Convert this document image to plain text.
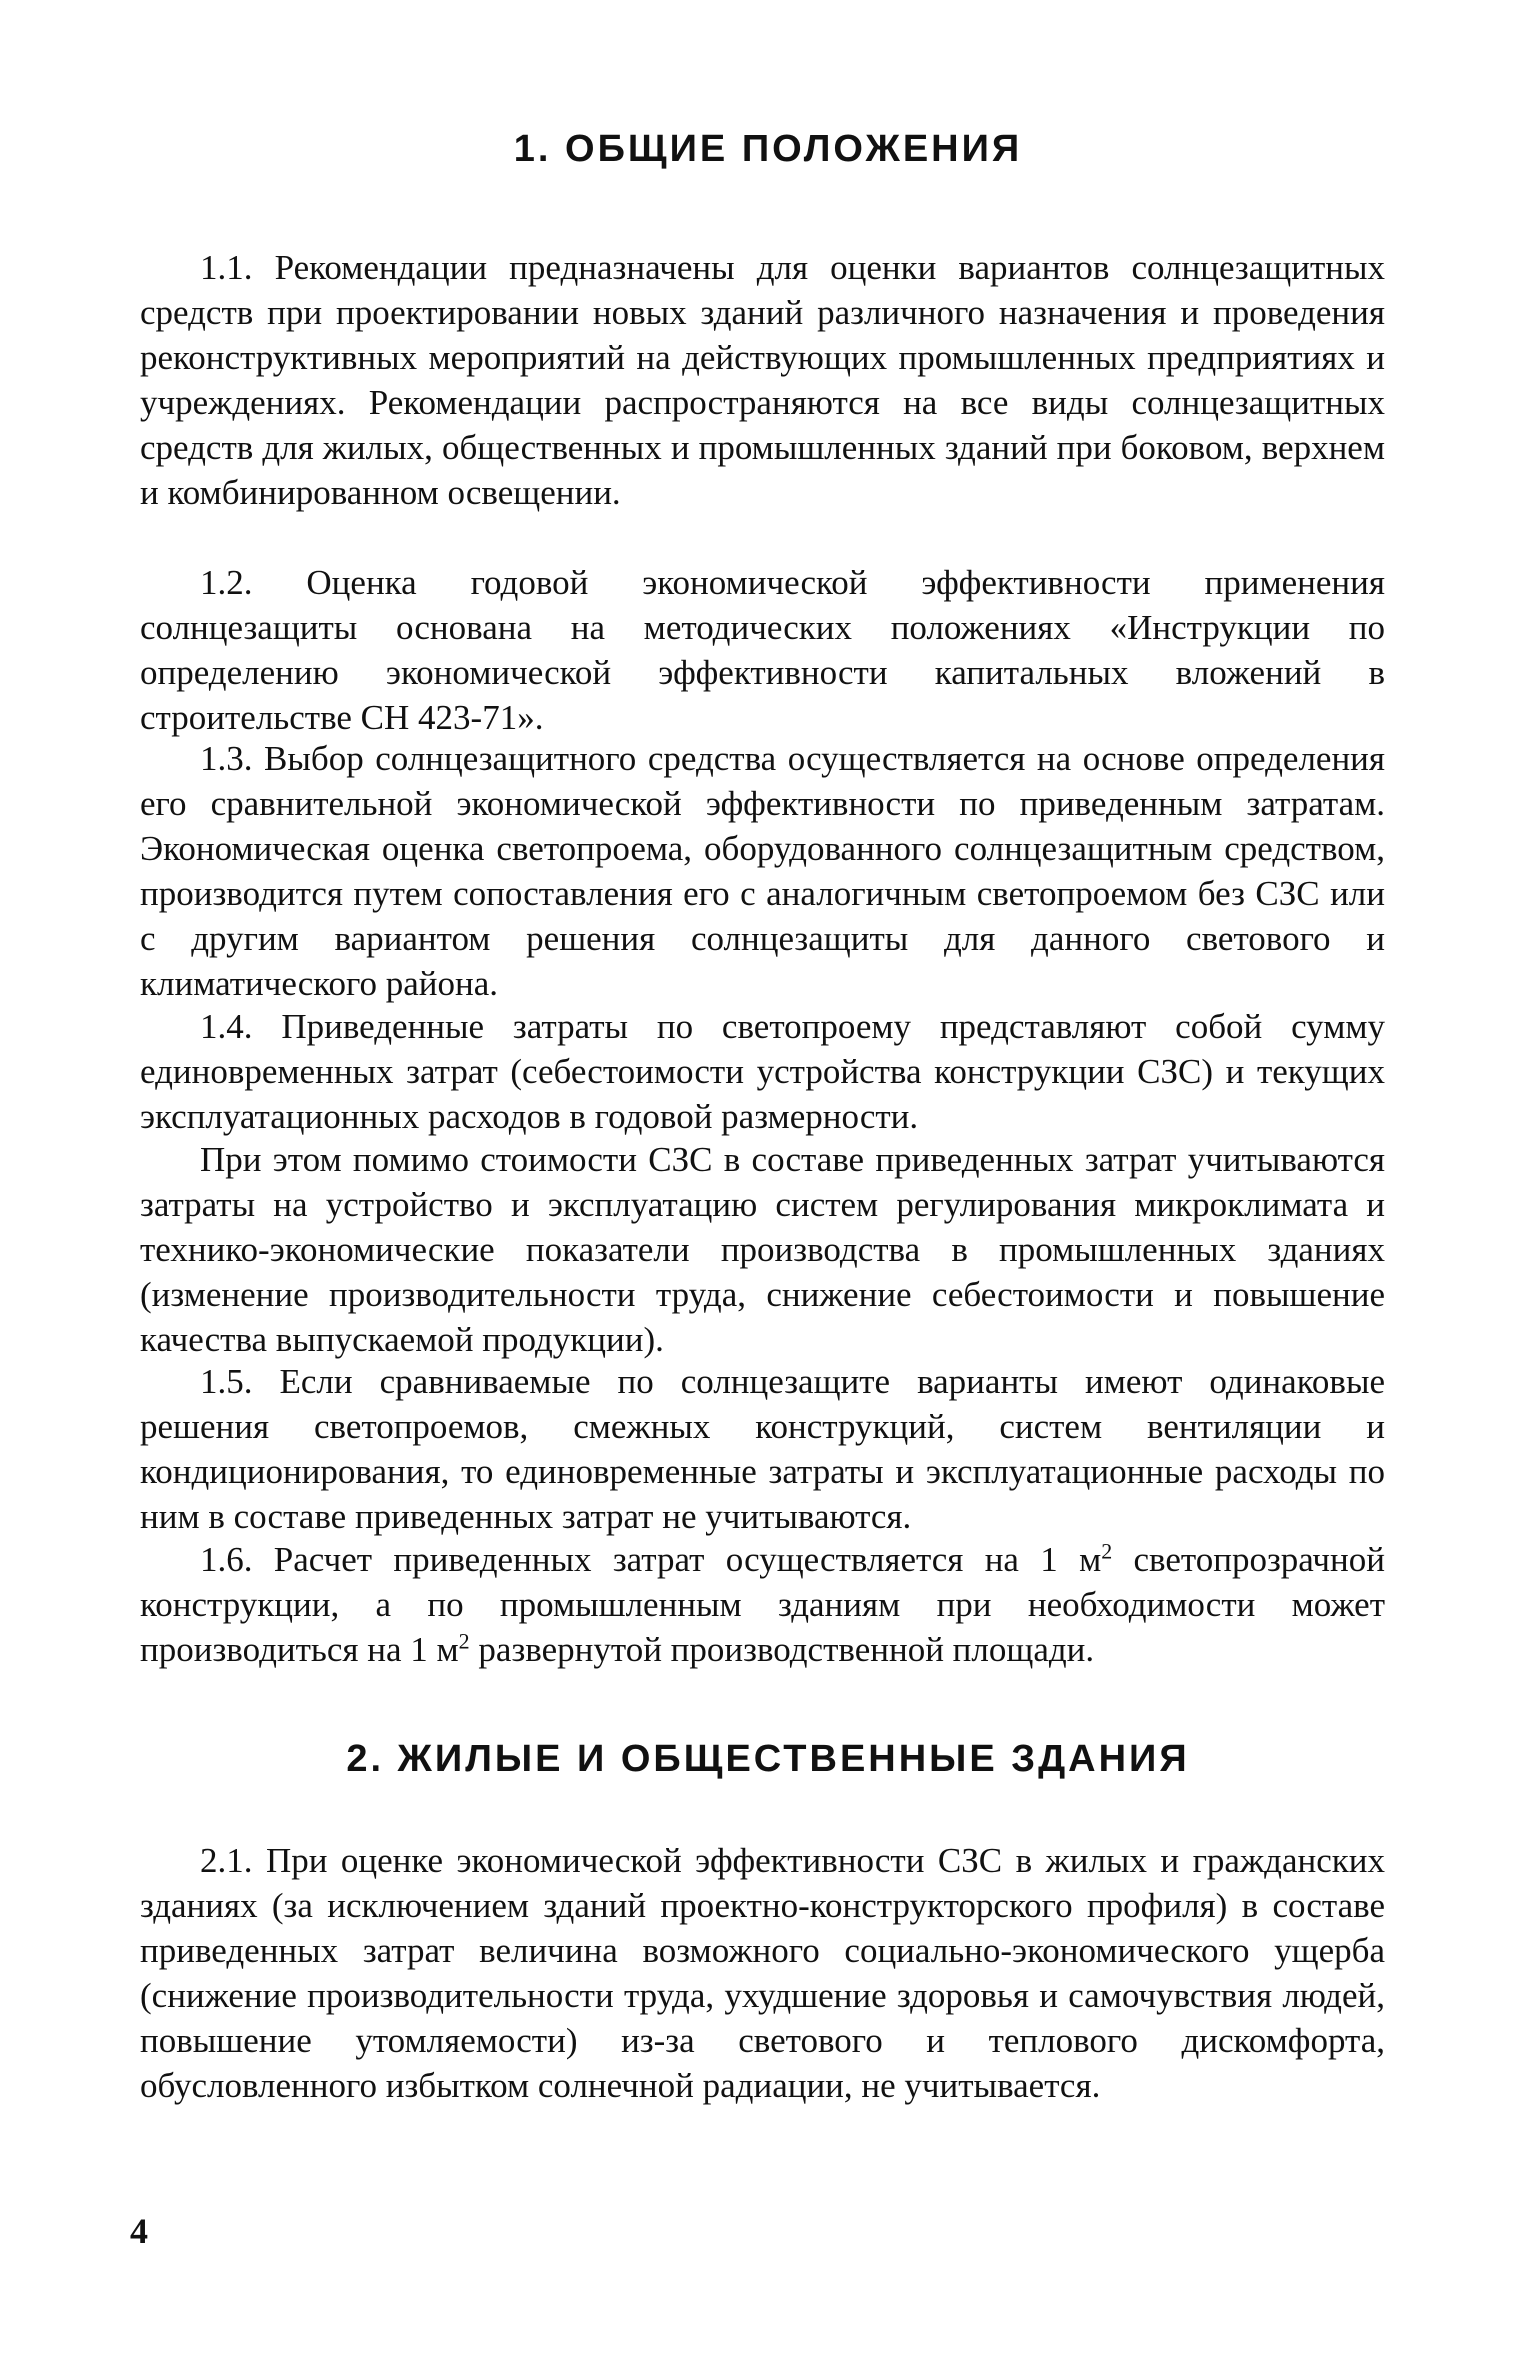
1. ОБЩИЕ ПОЛОЖЕНИЯ

1.1. Рекомендации предназначены для оценки вариантов солнцезащитных средств при проектировании новых зданий различного назначения и проведения реконструктивных мероприятий на действующих промышленных предприятиях и учреждениях. Рекомендации распространяются на все виды солнцезащитных средств для жилых, общественных и промышленных зданий при боковом, верхнем и комбинированном освещении.

1.2. Оценка годовой экономической эффективности применения солнцезащиты основана на методических положениях «Инструкции по определению экономической эффективности капитальных вложений в строительстве СН 423-71».

1.3. Выбор солнцезащитного средства осуществляется на основе определения его сравнительной экономической эффективности по приведенным затратам. Экономическая оценка светопроема, оборудованного солнцезащитным средством, производится путем сопоставления его с аналогичным светопроемом без СЗС или с другим вариантом решения солнцезащиты для данного светового и климатического района.

1.4. Приведенные затраты по светопроему представляют собой сумму единовременных затрат (себестоимости устройства конструкции СЗС) и текущих эксплуатационных расходов в годовой размерности.

При этом помимо стоимости СЗС в составе приведенных затрат учитываются затраты на устройство и эксплуатацию систем регулирования микроклимата и технико-экономические показатели производства в промышленных зданиях (изменение производительности труда, снижение себестоимости и повышение качества выпускаемой продукции).

1.5. Если сравниваемые по солнцезащите варианты имеют одинаковые решения светопроемов, смежных конструкций, систем вентиляции и кондиционирования, то единовременные затраты и эксплуатационные расходы по ним в составе приведенных затрат не учитываются.

1.6. Расчет приведенных затрат осуществляется на 1 $м^2$ светопрозрачной конструкции, а по промышленным зданиям при необходимости может производиться на 1 $м^2$ развернутой производственной площади.

2. ЖИЛЫЕ И ОБЩЕСТВЕННЫЕ ЗДАНИЯ

2.1. При оценке экономической эффективности СЗС в жилых и гражданских зданиях (за исключением зданий проектно-конструкторского профиля) в составе приведенных затрат величина возможного социально-экономического ущерба (снижение производительности труда, ухудшение здоровья и самочувствия людей, повышение утомляемости) из-за светового и теплового дискомфорта, обусловленного избытком солнечной радиации, не учитывается.

4
